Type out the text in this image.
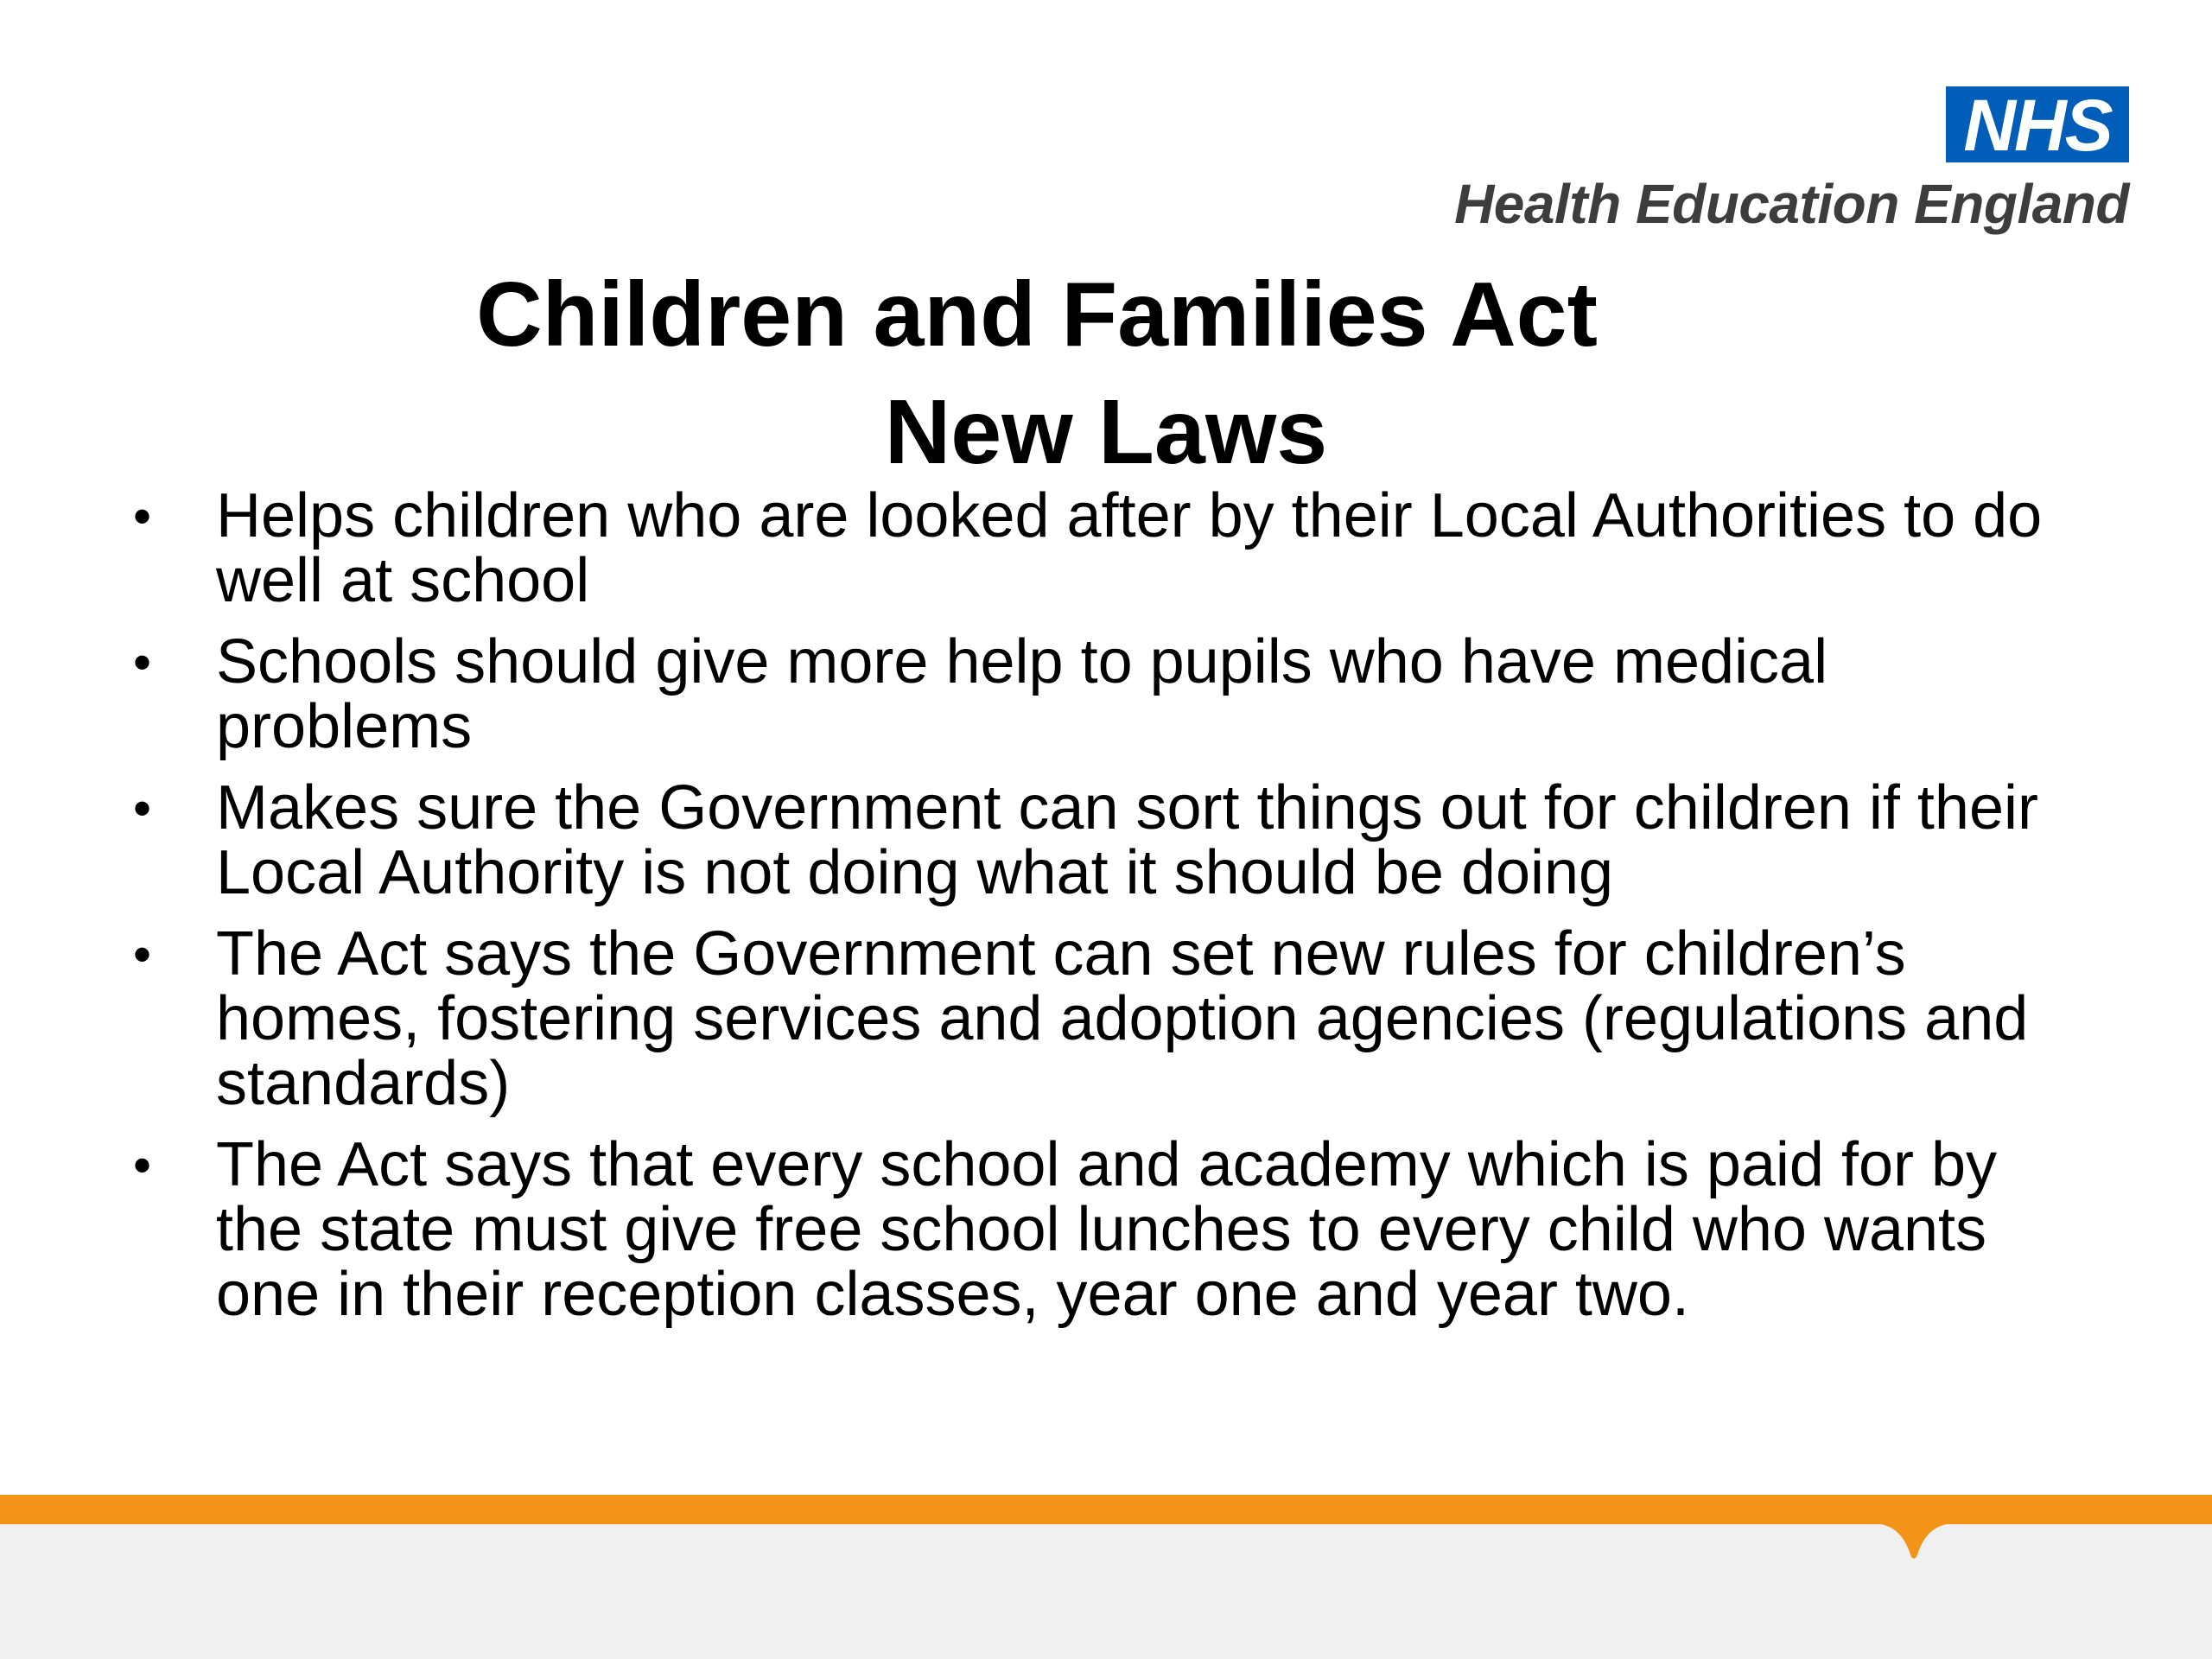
NHS
Health Education England
Children and Families Act
New Laws
• Helps children who are looked after by their Local Authorities to do well at school
• Schools should give more help to pupils who have medical problems
• Makes sure the Government can sort things out for children if their Local Authority is not doing what it should be doing
• The Act says the Government can set new rules for children’s homes, fostering services and adoption agencies (regulations and standards)
• The Act says that every school and academy which is paid for by the state must give free school lunches to every child who wants one in their reception classes, year one and year two.
